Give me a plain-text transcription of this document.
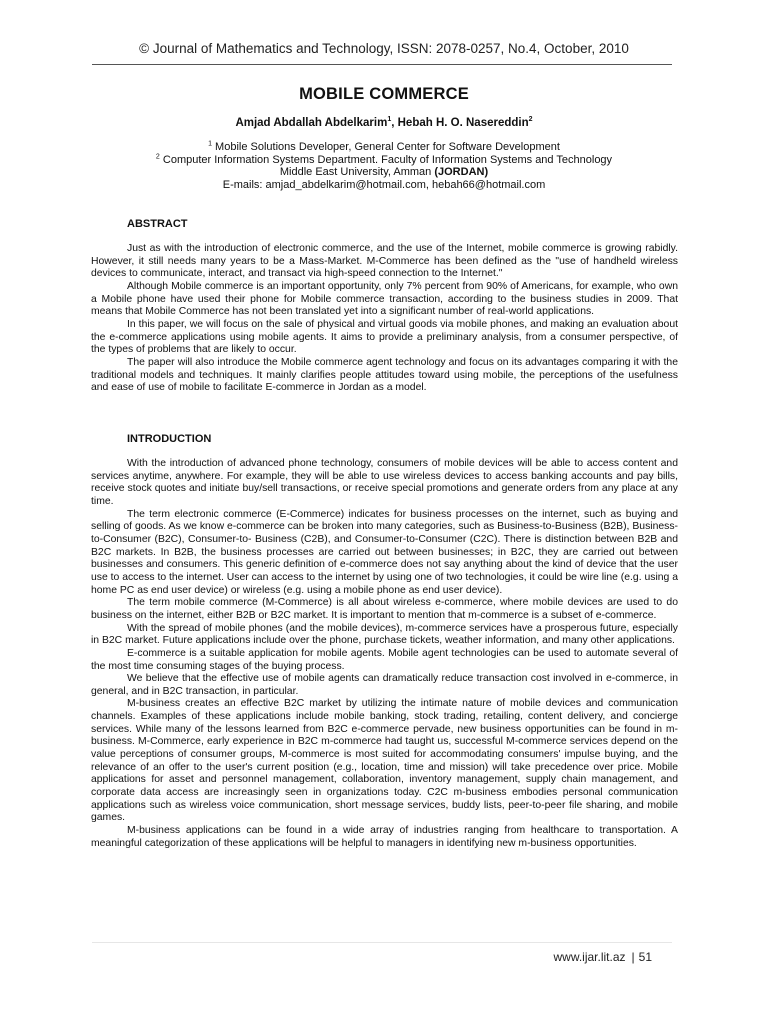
© Journal of Mathematics and Technology, ISSN: 2078-0257, No.4, October, 2010
MOBILE COMMERCE
Amjad Abdallah Abdelkarim$^1$, Hebah H. O. Nasereddin$^2$
$^1$ Mobile Solutions Developer, General Center for Software Development
$^2$ Computer Information Systems Department. Faculty of Information Systems and Technology
Middle East University, Amman (JORDAN)
E-mails: amjad_abdelkarim@hotmail.com, hebah66@hotmail.com
ABSTRACT

Just as with the introduction of electronic commerce, and the use of the Internet, mobile commerce is growing rabidly. However, it still needs many years to be a Mass-Market. M-Commerce has been defined as the "use of handheld wireless devices to communicate, interact, and transact via high-speed connection to the Internet."

Although Mobile commerce is an important opportunity, only 7% percent from 90% of Americans, for example, who own a Mobile phone have used their phone for Mobile commerce transaction, according to the business studies in 2009. That means that Mobile Commerce has not been translated yet into a significant number of real-world applications.

In this paper, we will focus on the sale of physical and virtual goods via mobile phones, and making an evaluation about the e-commerce applications using mobile agents. It aims to provide a preliminary analysis, from a consumer perspective, of the types of problems that are likely to occur.

The paper will also introduce the Mobile commerce agent technology and focus on its advantages comparing it with the traditional models and techniques. It mainly clarifies people attitudes toward using mobile, the perceptions of the usefulness and ease of use of mobile to facilitate E-commerce in Jordan as a model.

INTRODUCTION

With the introduction of advanced phone technology, consumers of mobile devices will be able to access content and services anytime, anywhere. For example, they will be able to use wireless devices to access banking accounts and pay bills, receive stock quotes and initiate buy/sell transactions, or receive special promotions and generate orders from any place at any time.

The term electronic commerce (E-Commerce) indicates for business processes on the internet, such as buying and selling of goods. As we know e-commerce can be broken into many categories, such as Business-to-Business (B2B), Business-to-Consumer (B2C), Consumer-to- Business (C2B), and Consumer-to-Consumer (C2C). There is distinction between B2B and B2C markets. In B2B, the business processes are carried out between businesses; in B2C, they are carried out between businesses and consumers. This generic definition of e-commerce does not say anything about the kind of device that the user use to access to the internet. User can access to the internet by using one of two technologies, it could be wire line (e.g. using a home PC as end user device) or wireless (e.g. using a mobile phone as end user device).

The term mobile commerce (M-Commerce) is all about wireless e-commerce, where mobile devices are used to do business on the internet, either B2B or B2C market. It is important to mention that m-commerce is a subset of e-commerce.

With the spread of mobile phones (and the mobile devices), m-commerce services have a prosperous future, especially in B2C market. Future applications include over the phone, purchase tickets, weather information, and many other applications.

E-commerce is a suitable application for mobile agents. Mobile agent technologies can be used to automate several of the most time consuming stages of the buying process.

We believe that the effective use of mobile agents can dramatically reduce transaction cost involved in e-commerce, in general, and in B2C transaction, in particular.

M-business creates an effective B2C market by utilizing the intimate nature of mobile devices and communication channels. Examples of these applications include mobile banking, stock trading, retailing, content delivery, and concierge services. While many of the lessons learned from B2C e-commerce pervade, new business opportunities can be found in m-business. M-Commerce, early experience in B2C m-commerce had taught us, successful M-commerce services depend on the value perceptions of consumer groups, M-commerce is most suited for accommodating consumers' impulse buying, and the relevance of an offer to the user's current position (e.g., location, time and mission) will take precedence over price. Mobile applications for asset and personnel management, collaboration, inventory management, supply chain management, and corporate data access are increasingly seen in organizations today. C2C m-business embodies personal communication applications such as wireless voice communication, short message services, buddy lists, peer-to-peer file sharing, and mobile games.

M-business applications can be found in a wide array of industries ranging from healthcare to transportation. A meaningful categorization of these applications will be helpful to managers in identifying new m-business opportunities.

www.ijar.lit.az | 51
